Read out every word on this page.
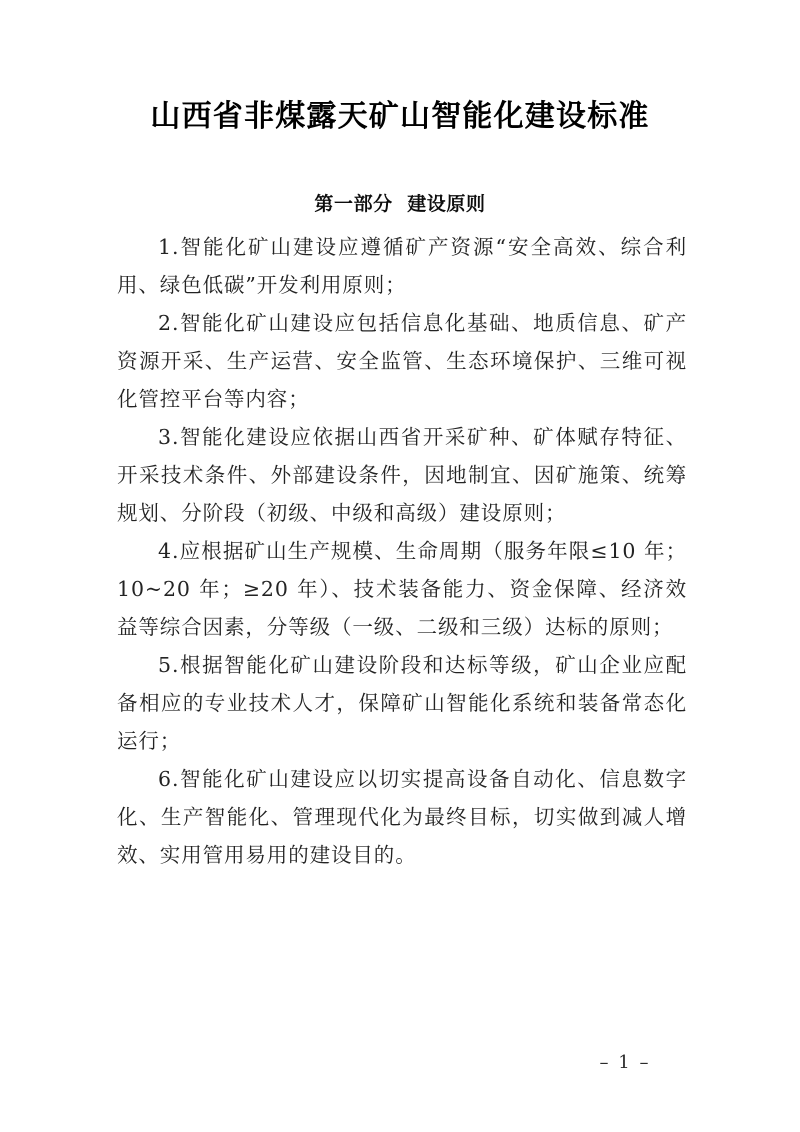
山西省非煤露天矿山智能化建设标准
第一部分  建设原则

1.智能化矿山建设应遵循矿产资源“安全高效、综合利用、绿色低碳”开发利用原则；

2.智能化矿山建设应包括信息化基础、地质信息、矿产资源开采、生产运营、安全监管、生态环境保护、三维可视化管控平台等内容；

3.智能化建设应依据山西省开采矿种、矿体赋存特征、开采技术条件、外部建设条件，因地制宜、因矿施策、统筹规划、分阶段（初级、中级和高级）建设原则；

4.应根据矿山生产规模、生命周期（服务年限≤10 年；10~20 年；≥20 年）、技术装备能力、资金保障、经济效益等综合因素，分等级（一级、二级和三级）达标的原则；

5.根据智能化矿山建设阶段和达标等级，矿山企业应配备相应的专业技术人才，保障矿山智能化系统和装备常态化运行；

6.智能化矿山建设应以切实提高设备自动化、信息数字化、生产智能化、管理现代化为最终目标，切实做到减人增效、实用管用易用的建设目的。

– 1 –
